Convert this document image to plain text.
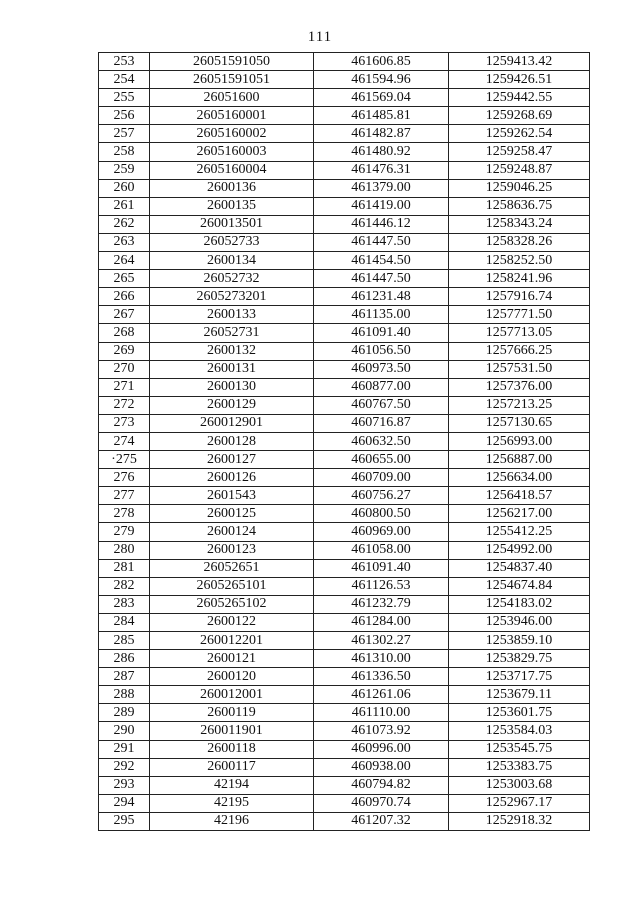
111
253	26051591050	461606.85	1259413.42
254	26051591051	461594.96	1259426.51
255	26051600	461569.04	1259442.55
256	2605160001	461485.81	1259268.69
257	2605160002	461482.87	1259262.54
258	2605160003	461480.92	1259258.47
259	2605160004	461476.31	1259248.87
260	2600136	461379.00	1259046.25
261	2600135	461419.00	1258636.75
262	260013501	461446.12	1258343.24
263	26052733	461447.50	1258328.26
264	2600134	461454.50	1258252.50
265	26052732	461447.50	1258241.96
266	2605273201	461231.48	1257916.74
267	2600133	461135.00	1257771.50
268	26052731	461091.40	1257713.05
269	2600132	461056.50	1257666.25
270	2600131	460973.50	1257531.50
271	2600130	460877.00	1257376.00
272	2600129	460767.50	1257213.25
273	260012901	460716.87	1257130.65
274	2600128	460632.50	1256993.00
·275	2600127	460655.00	1256887.00
276	2600126	460709.00	1256634.00
277	2601543	460756.27	1256418.57
278	2600125	460800.50	1256217.00
279	2600124	460969.00	1255412.25
280	2600123	461058.00	1254992.00
281	26052651	461091.40	1254837.40
282	2605265101	461126.53	1254674.84
283	2605265102	461232.79	1254183.02
284	2600122	461284.00	1253946.00
285	260012201	461302.27	1253859.10
286	2600121	461310.00	1253829.75
287	2600120	461336.50	1253717.75
288	260012001	461261.06	1253679.11
289	2600119	461110.00	1253601.75
290	260011901	461073.92	1253584.03
291	2600118	460996.00	1253545.75
292	2600117	460938.00	1253383.75
293	42194	460794.82	1253003.68
294	42195	460970.74	1252967.17
295	42196	461207.32	1252918.32
